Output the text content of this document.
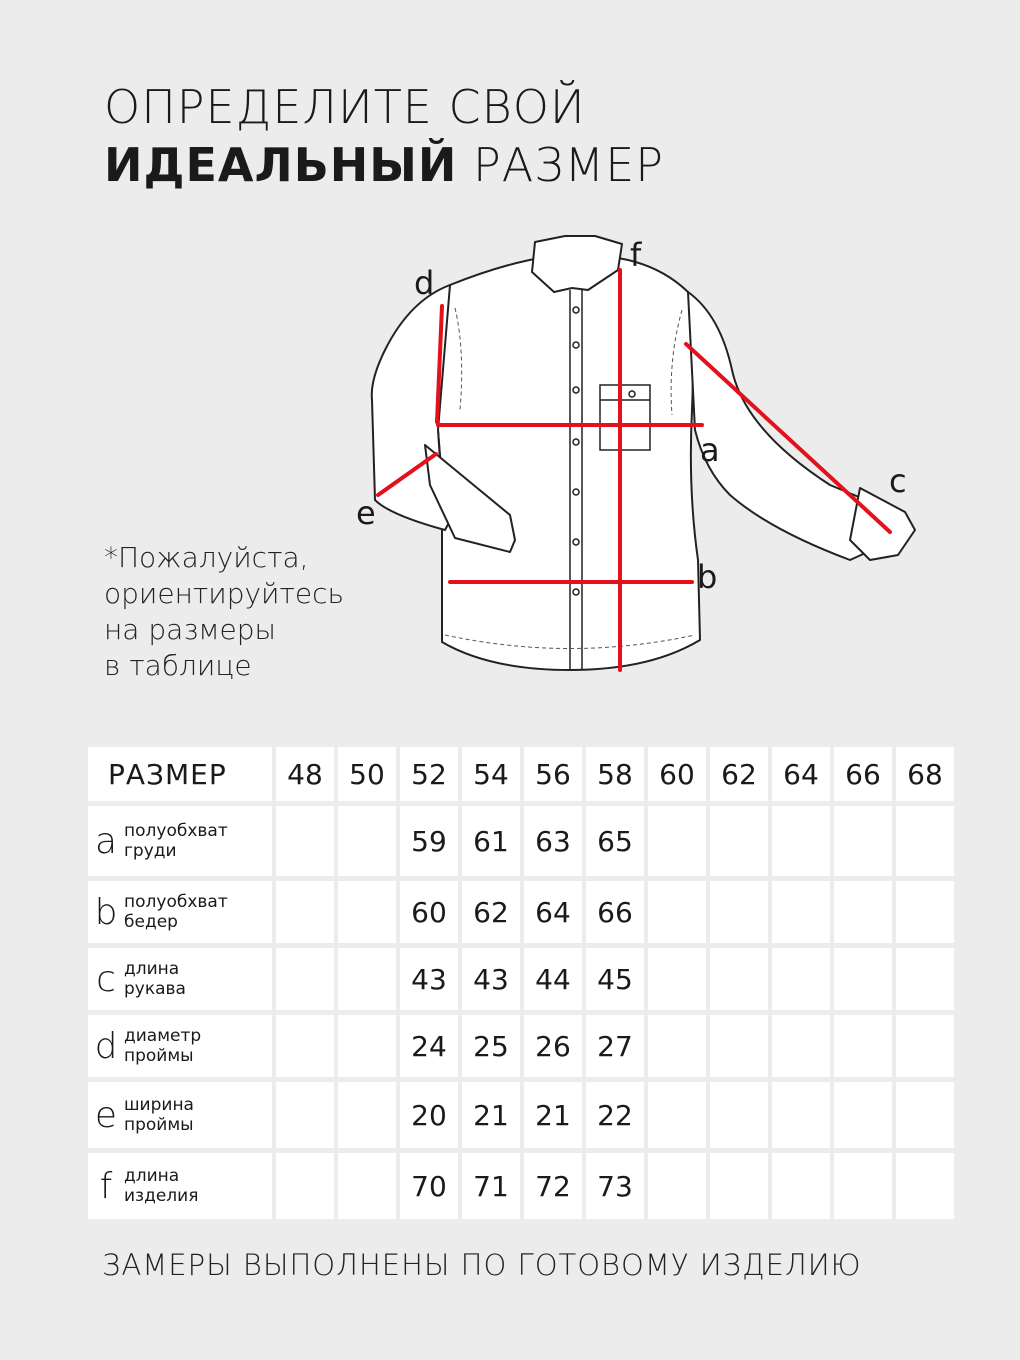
ОПРЕДЕЛИТЕ СВОЙ
ИДЕАЛЬНЫЙ РАЗМЕР
d
f
a
c
e
b
*Пожалуйста,
ориентируйтесь
на размеры
в таблице
РАЗМЕР	48	50	52	54	56	58	60	62	64	66	68

a полуобхват
груди			59	61	63	65					

b полуобхват
бедер			60	62	64	66					

c длина
рукава			43	43	44	45					

d диаметр
проймы			24	25	26	27					

e ширина
проймы			20	21	21	22					

f длина
изделия			70	71	72	73					
ЗАМЕРЫ ВЫПОЛНЕНЫ ПО ГОТОВОМУ ИЗДЕЛИЮ
